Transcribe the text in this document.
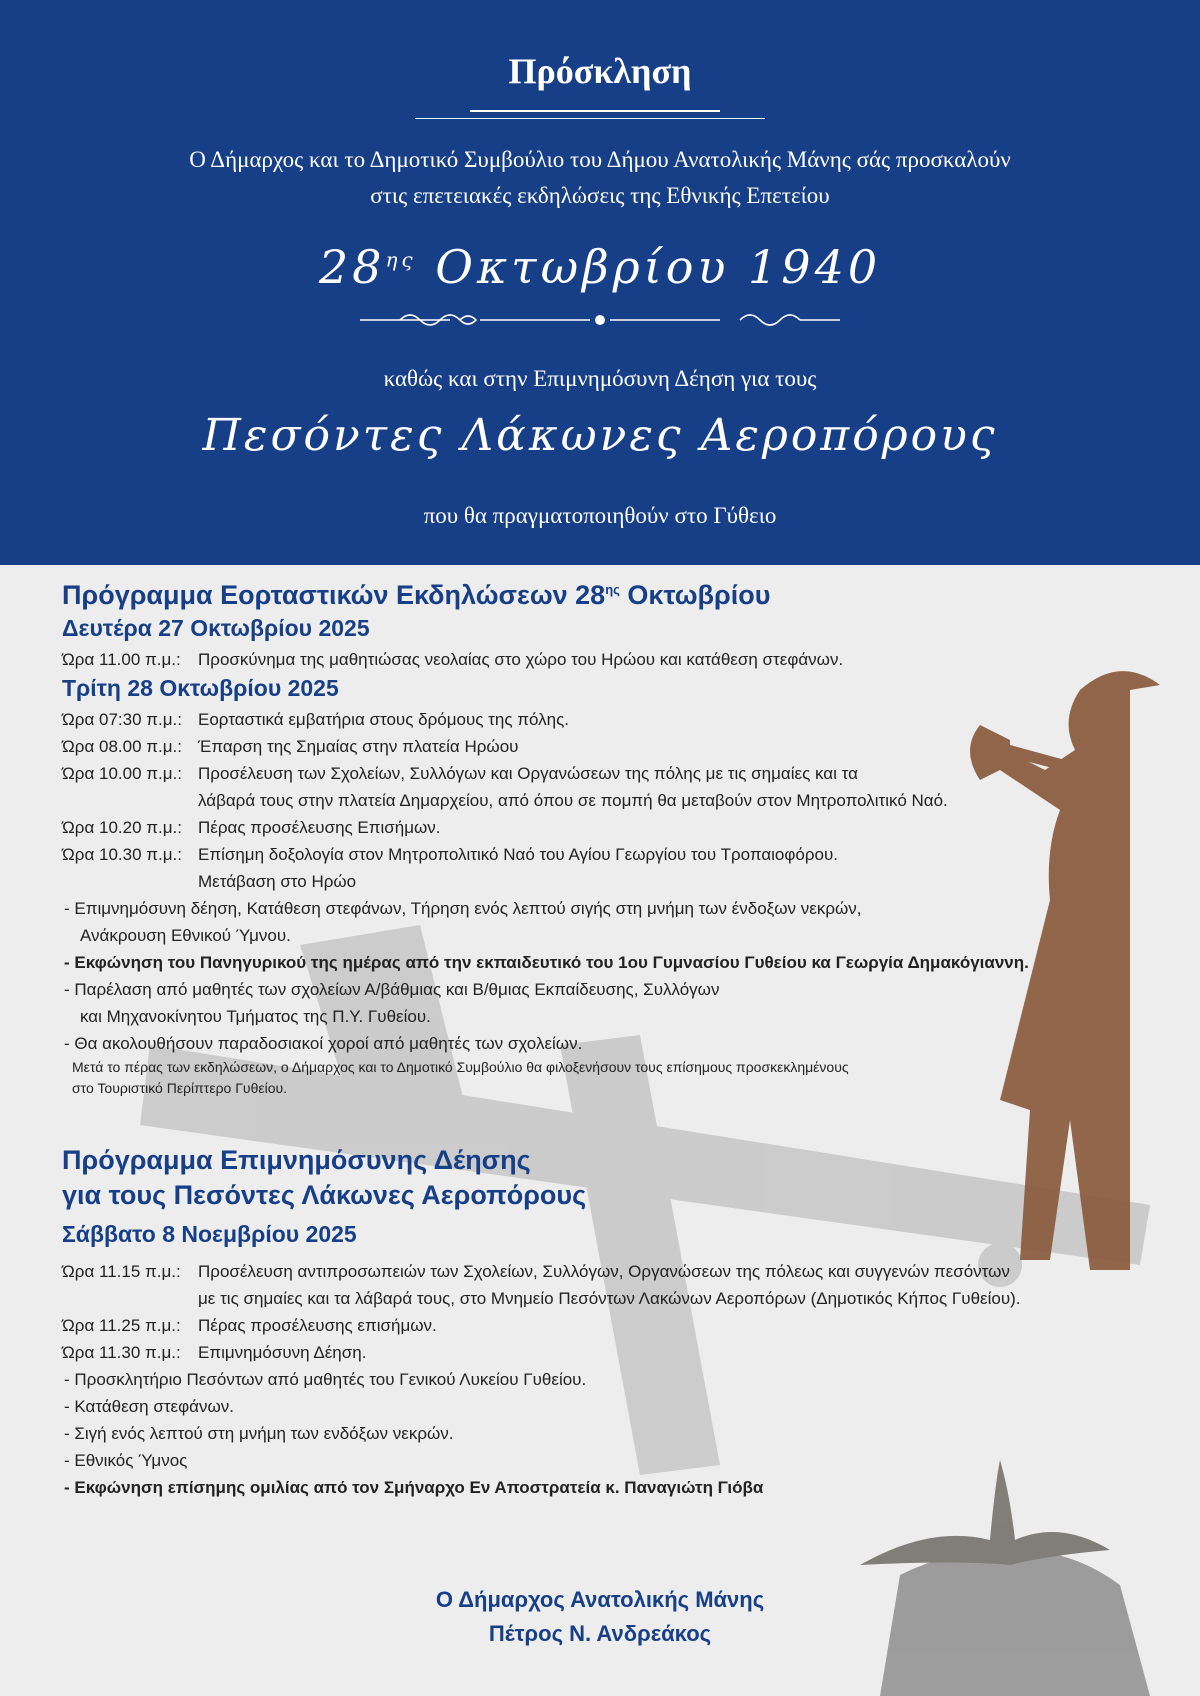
Πρόσκληση
Ο Δήμαρχος και το Δημοτικό Συμβούλιο του Δήμου Ανατολικής Μάνης σάς προσκαλούν
στις επετειακές εκδηλώσεις της Εθνικής Επετείου
$28^{\eta\varsigma}$ Οκτωβρίου 1940
καθώς και στην Επιμνημόσυνη Δέηση για τους
Πεσόντες Λάκωνες Αεροπόρους
που θα πραγματοποιηθούν στο Γύθειο
Πρόγραμμα Εορταστικών Εκδηλώσεων $28^{\eta\varsigma}$ Οκτωβρίου
Δευτέρα 27 Οκτωβρίου 2025
Ώρα 11.00 π.μ.:	Προσκύνημα της μαθητιώσας νεολαίας στο χώρο του Ηρώου και κατάθεση στεφάνων.
Τρίτη 28 Οκτωβρίου 2025
Ώρα 07:30 π.μ.: Εορταστικά εμβατήρια στους δρόμους της πόλης.
Ώρα 08.00 π.μ.: Έπαρση της Σημαίας στην πλατεία Ηρώου
Ώρα 10.00 π.μ.: Προσέλευση των Σχολείων, Συλλόγων και Οργανώσεων της πόλης με τις σημαίες και τα
λάβαρά τους στην πλατεία Δημαρχείου, από όπου σε πομπή θα μεταβούν στον Μητροπολιτικό Ναό.
Ώρα 10.20 π.μ.: Πέρας προσέλευσης Επισήμων.
Ώρα 10.30 π.μ.: Επίσημη δοξολογία στον Μητροπολιτικό Ναό του Αγίου Γεωργίου του Τροπαιοφόρου.
Μετάβαση στο Ηρώο
- Επιμνημόσυνη δέηση, Κατάθεση στεφάνων, Τήρηση ενός λεπτού σιγής στη μνήμη των ένδοξων νεκρών,
Ανάκρουση Εθνικού Ύμνου.
- Εκφώνηση του Πανηγυρικού της ημέρας από την εκπαιδευτικό του 1ου Γυμνασίου Γυθείου κα Γεωργία Δημακόγιαννη.
- Παρέλαση από μαθητές των σχολείων Α/βάθμιας και Β/θμιας Εκπαίδευσης, Συλλόγων
και Μηχανοκίνητου Τμήματος της Π.Υ. Γυθείου.
- Θα ακολουθήσουν παραδοσιακοί χοροί από μαθητές των σχολείων.
Μετά το πέρας των εκδηλώσεων, ο Δήμαρχος και το Δημοτικό Συμβούλιο θα φιλοξενήσουν τους επίσημους προσκεκλημένους
στο Τουριστικό Περίπτερο Γυθείου.
Πρόγραμμα Επιμνημόσυνης Δέησης
για τους Πεσόντες Λάκωνες Αεροπόρους
Σάββατο 8 Νοεμβρίου 2025
Ώρα 11.15 π.μ.:	Προσέλευση αντιπροσωπειών των Σχολείων, Συλλόγων, Οργανώσεων της πόλεως και συγγενών πεσόντων
με τις σημαίες και τα λάβαρά τους, στο Μνημείο Πεσόντων Λακώνων Αεροπόρων (Δημοτικός Κήπος Γυθείου).
Ώρα 11.25 π.μ.:	Πέρας προσέλευσης επισήμων.
Ώρα 11.30 π.μ.:	Επιμνημόσυνη Δέηση.
- Προσκλητήριο Πεσόντων από μαθητές του Γενικού Λυκείου Γυθείου.
- Κατάθεση στεφάνων.
- Σιγή ενός λεπτού στη μνήμη των ενδόξων νεκρών.
- Εθνικός Ύμνος
- Εκφώνηση επίσημης ομιλίας από τον Σμήναρχο Εν Αποστρατεία κ. Παναγιώτη Γιόβα
Ο Δήμαρχος Ανατολικής Μάνης
Πέτρος Ν. Ανδρεάκος
